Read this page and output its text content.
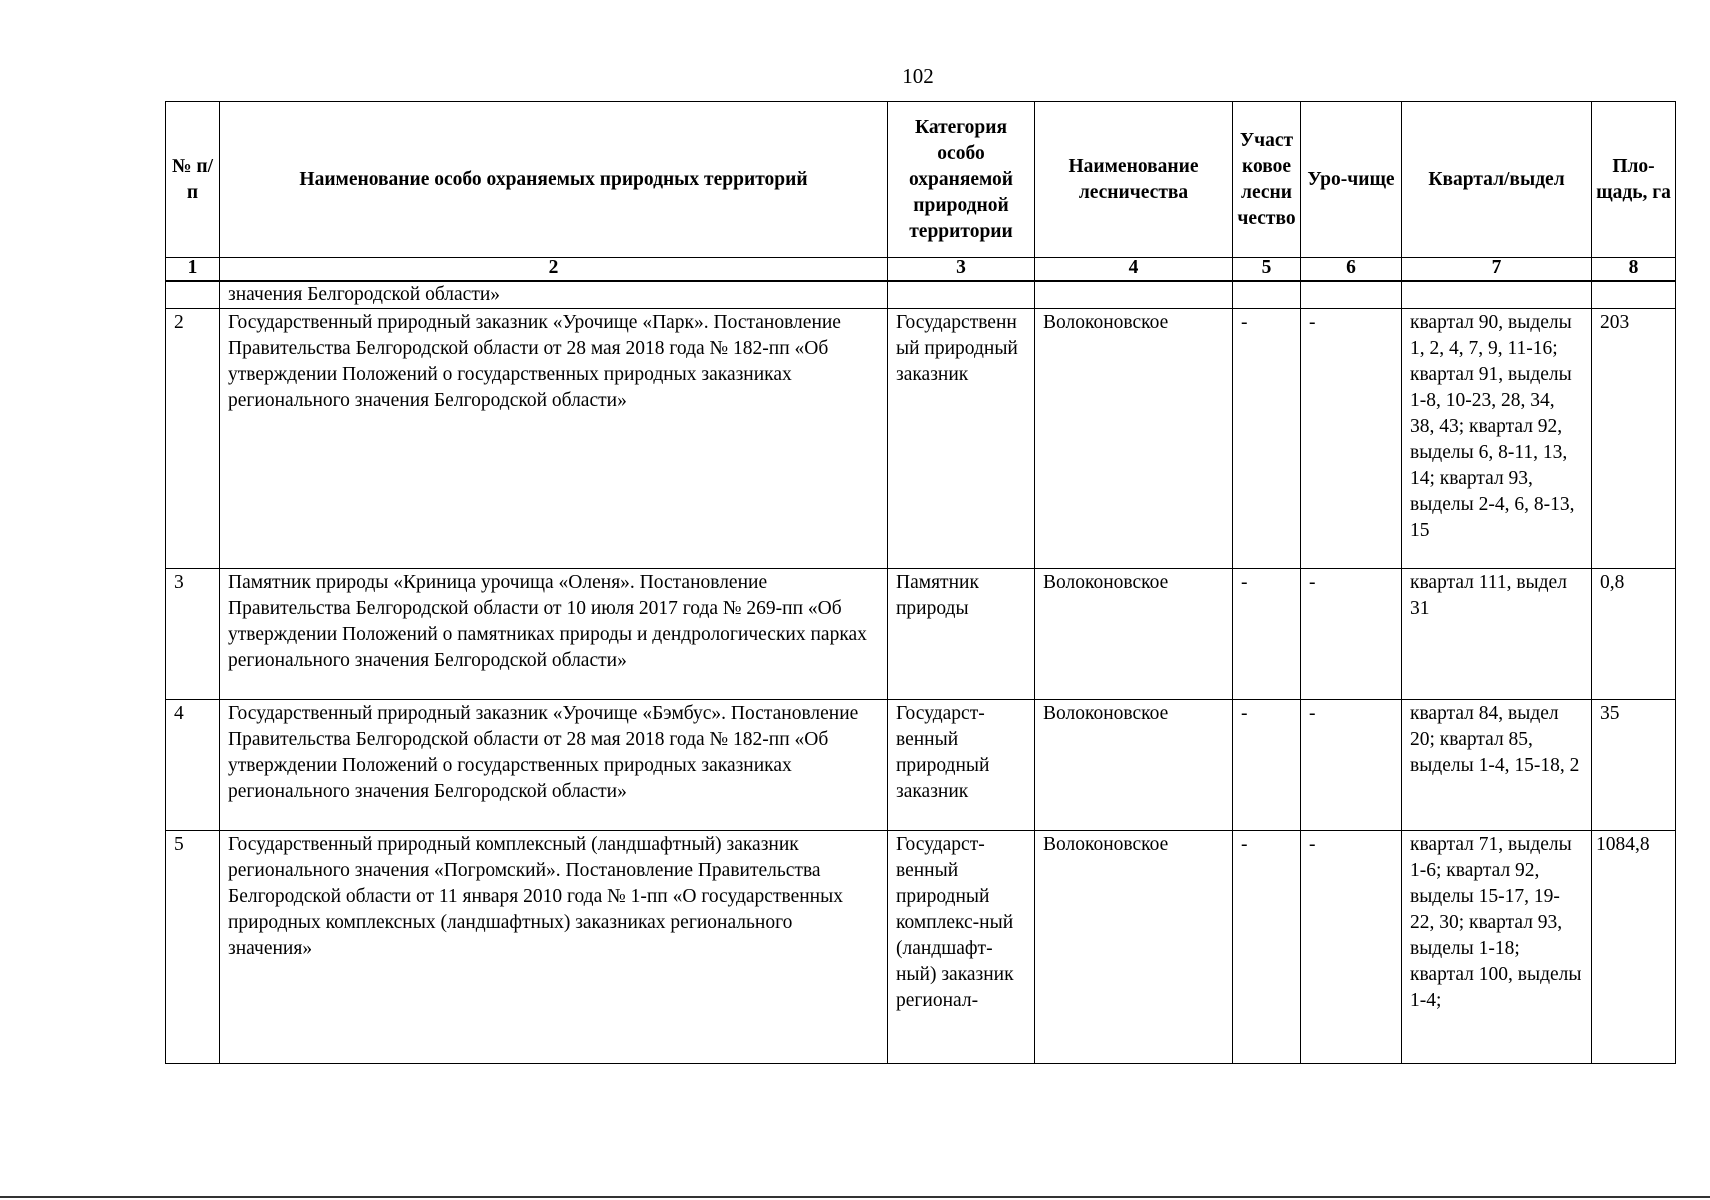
102
№ п/п	Наименование особо охраняемых природных территорий	Категория особо охраняемой природной территории	Наименование лесничества	Участковое лесничество	Уро-чище	Квартал/выдел	Пло-щадь, га
1	2	3	4	5	6	7	8
	значения Белгородской области»						
2	Государственный природный заказник «Урочище «Парк». Постановление Правительства Белгородской области от 28 мая 2018 года № 182-пп «Об утверждении Положений о государственных природных заказниках регионального значения Белгородской области»	Государственный природный заказник	Волоконовское	-	-	квартал 90, выделы 1, 2, 4, 7, 9, 11-16; квартал 91, выделы 1-8, 10-23, 28, 34, 38, 43; квартал 92, выделы 6, 8-11, 13, 14; квартал 93, выделы 2-4, 6, 8-13, 15	203
3	Памятник природы «Криница урочища «Оленя». Постановление Правительства Белгородской области от 10 июля 2017 года № 269-пп «Об утверждении Положений о памятниках природы и дендрологических парках регионального значения Белгородской области»	Памятник природы	Волоконовское	-	-	квартал 111, выдел 31	0,8
4	Государственный природный заказник «Урочище «Бэмбус». Постановление Правительства Белгородской области от 28 мая 2018 года № 182-пп «Об утверждении Положений о государственных природных заказниках регионального значения Белгородской области»	Государст-венный природный заказник	Волоконовское	-	-	квартал 84, выдел 20; квартал 85, выделы 1-4, 15-18, 2	35
5	Государственный природный комплексный (ландшафтный) заказник регионального значения «Погромский». Постановление Правительства Белгородской области от 11 января 2010 года № 1-пп «О государственных природных комплексных (ландшафтных) заказниках регионального значения»	Государст-венный природный комплекс-ный (ландшафт-ный) заказник регионал-	Волоконовское	-	-	квартал 71, выделы 1-6; квартал 92, выделы 15-17, 19-22, 30; квартал 93, выделы 1-18; квартал 100, выделы 1-4;	1084,8
